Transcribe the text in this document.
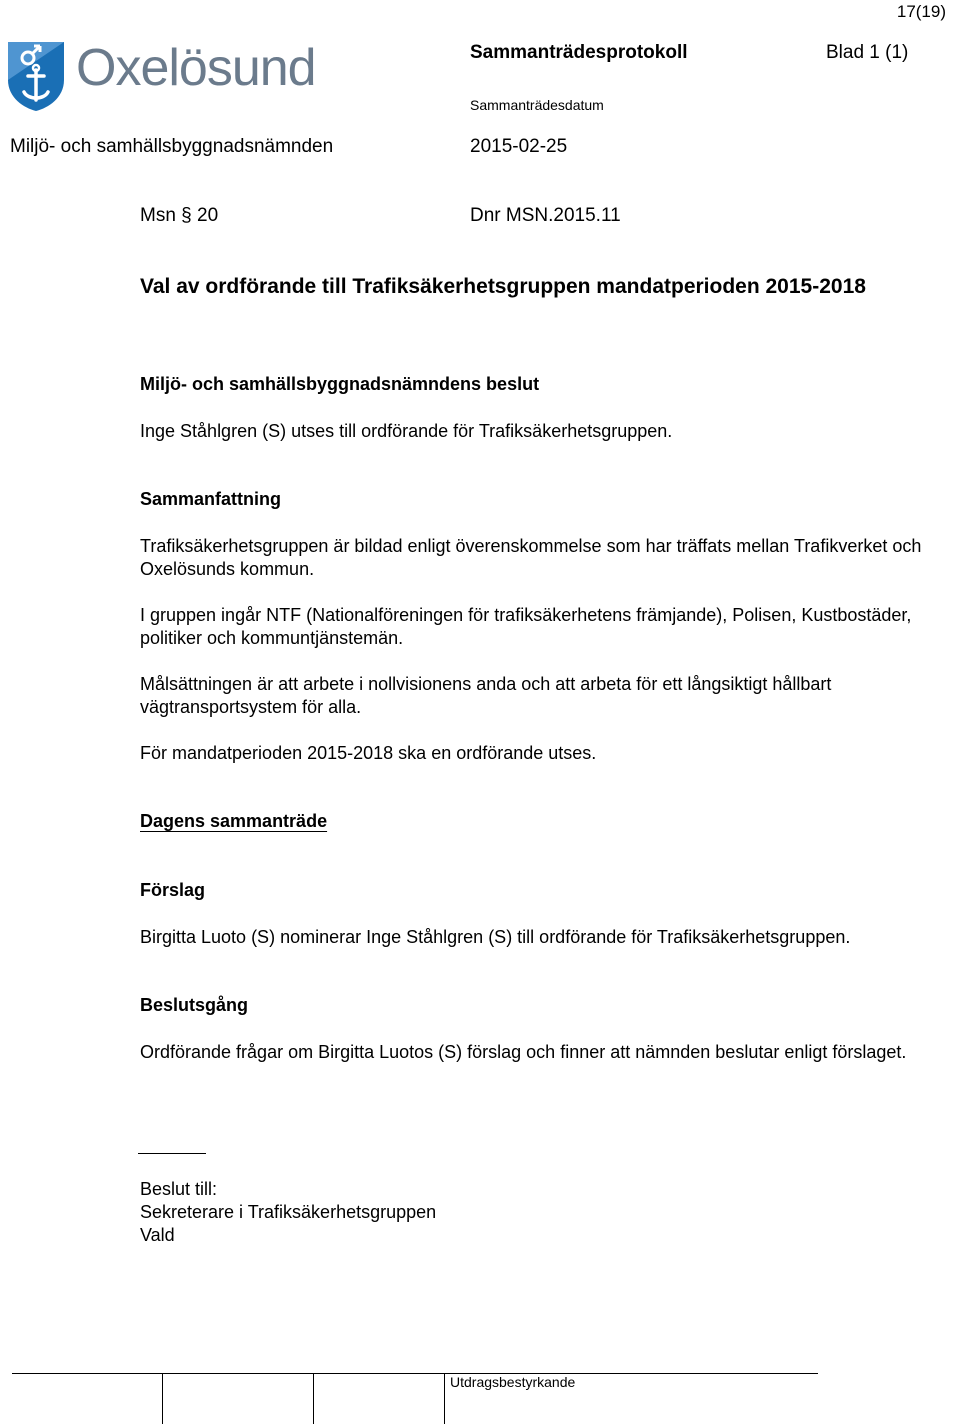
17(19)
Oxelösund	Sammanträdesprotokoll	Blad 1 (1)
Sammanträdesdatum
Miljö- och samhällsbyggnadsnämnden	2015-02-25
Msn § 20	Dnr MSN.2015.11
Val av ordförande till Trafiksäkerhetsgruppen mandatperioden 2015-2018
Miljö- och samhällsbyggnadsnämndens beslut
Inge Ståhlgren (S) utses till ordförande för Trafiksäkerhetsgruppen.
Sammanfattning
Trafiksäkerhetsgruppen är bildad enligt överenskommelse som har träffats mellan Trafikverket och Oxelösunds kommun.
I gruppen ingår NTF (Nationalföreningen för trafiksäkerhetens främjande), Polisen, Kustbostäder, politiker och kommuntjänstemän.
Målsättningen är att arbete i nollvisionens anda och att arbeta för ett långsiktigt hållbart vägtransportsystem för alla.
För mandatperioden 2015-2018 ska en ordförande utses.
Dagens sammanträde
Förslag
Birgitta Luoto (S) nominerar Inge Ståhlgren (S) till ordförande för Trafiksäkerhetsgruppen.
Beslutsgång
Ordförande frågar om Birgitta Luotos (S) förslag och finner att nämnden beslutar enligt förslaget.
Beslut till:
Sekreterare i Trafiksäkerhetsgruppen
Vald
Utdragsbestyrkande
